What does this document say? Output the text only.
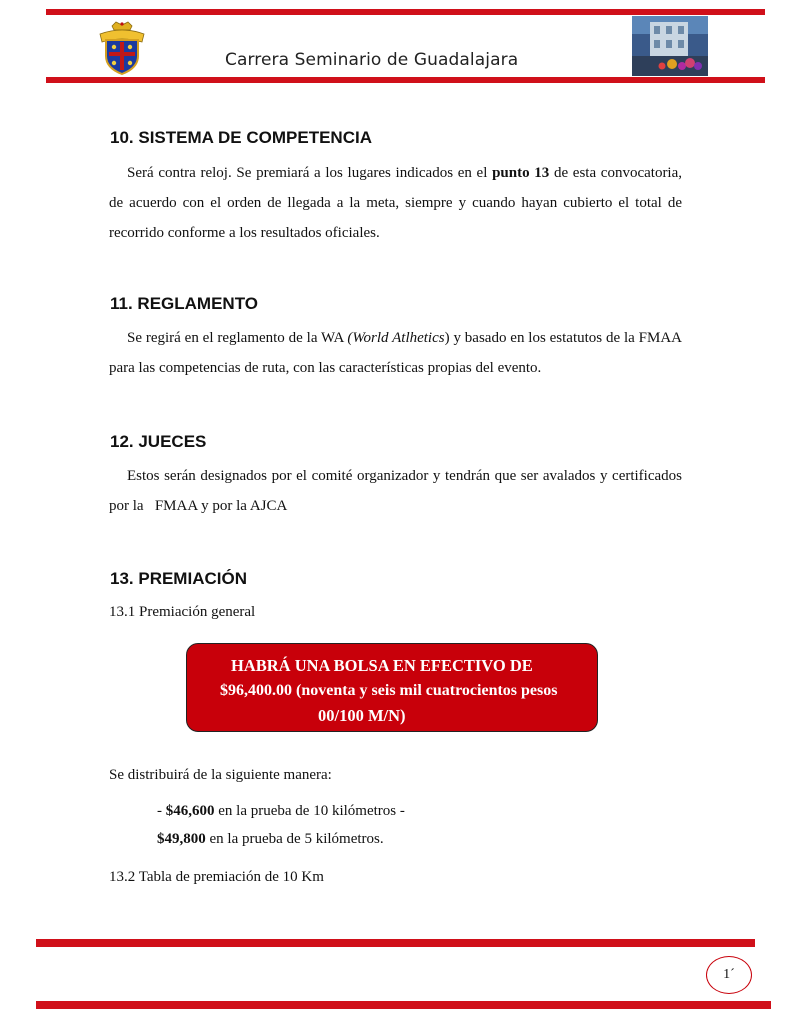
Carrera Seminario de Guadalajara
10. SISTEMA DE COMPETENCIA
Será contra reloj. Se premiará a los lugares indicados en el punto 13 de esta convocatoria, de acuerdo con el orden de llegada a la meta, siempre y cuando hayan cubierto el total de recorrido conforme a los resultados oficiales.
11. REGLAMENTO
Se regirá en el reglamento de la WA (World Atlhetics) y basado en los estatutos de la FMAA para las competencias de ruta, con las características propias del evento.
12. JUECES
Estos serán designados por el comité organizador y tendrán que ser avalados y certificados por la   FMAA y por la AJCA
13. PREMIACIÓN
13.1 Premiación general
HABRÁ UNA BOLSA EN EFECTIVO DE
$96,400.00 (noventa y seis mil cuatrocientos pesos
00/100 M/N)
Se distribuirá de la siguiente manera:
- $46,600 en la prueba de 10 kilómetros -
$49,800 en la prueba de 5 kilómetros.
13.2 Tabla de premiación de 10 Km
1´
